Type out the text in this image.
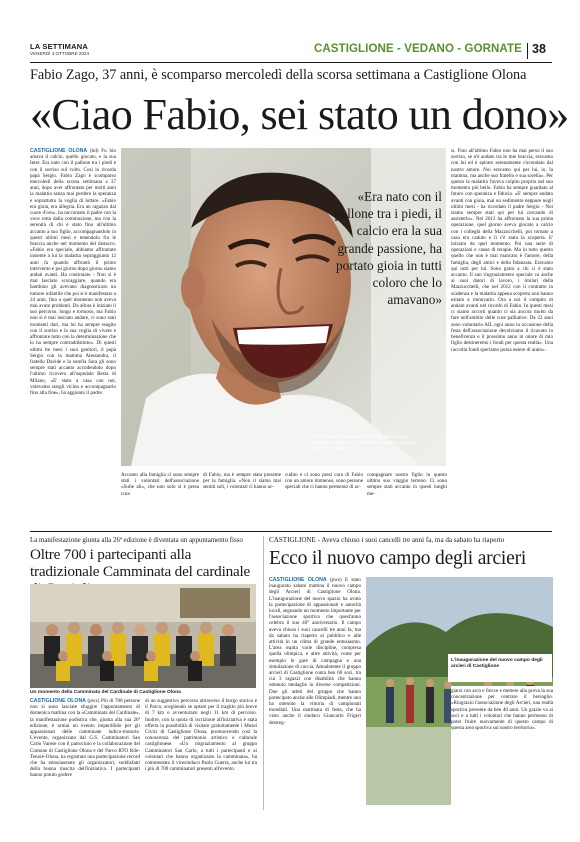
LA SETTIMANA
VENERDÌ 4 OTTOBRE 2024	CASTIGLIONE - VEDANO - GORNATE 38
Fabio Zago, 37 anni, è scomparso mercoledì della scorsa settimana a Castiglione Olona
«Ciao Fabio, sei stato un dono»

CASTIGLIONE OLONA (bd) Fu bio amava il calcio, quello giocato, e la sua Inter. Era nato con il pallone tra i piedi e con il sorriso sul volto. Così lo ricorda papà Sergio. Fabio Zago è scomparso mercoledì della scorsa settimana a 37 anni, dopo aver affrontato per molti anni la malattia senza mai perdere la speranza e soprattutto la voglia di lottare. «Fabio era gioia, era allegria. Era un ragazzo dal cuore d'oro», ha raccontato il padre con la voce rotta dalla commozione, ma con la serenità di chi è stato fino all'ultimo accanto a suo figlio, accompagnandolo in questi ultimi mesi e tenendolo fra le braccia anche nel momento del distacco. «Fabio era speciale, abbiamo affrontato insieme a lui la malattia sopraggiunta 12 anni fa quando affrontò il primo intervento e poi giorno dopo giorno siamo andati avanti. Ha continuato - Non si è mai lasciato scoraggiare, quando era bambino gli avevano diagnosticato un tumore infantile che poi si è manifestato a 24 anni, fino a quel momento non aveva mai avuto problemi. Da allora è iniziato il suo percorso, lungo e tortuoso, ma Fabio non si è mai lasciato andare, ci sono stati momenti duri, ma lui ha sempre reagito con il sorriso e la sua voglia di vivere e affrontare tutto con la determinazione che lo ha sempre contraddistinto». Di questi ultimi tre mesi i suoi genitori, il papà Sergio con la mamma Alessandra, il fratello Davide e la sorella Sara gli sono sempre stati accanto accudendolo dopo l'ultimo ricovero all'ospedale Besta di Milano, «E' stato a casa con noi, volevamo stargli vicino e accompagnarlo fino alla fine», ha aggiunto il padre.

Fabio Zago, scomparso mercoledì della scorsa settimana a 37 anni, dopo aver combattuto a lungo contro la malattia
«Era nato con il pallone tra i piedi, il calcio era la sua grande passione, ha portato gioia in tutti coloro che lo amavano»
Accanto alla famiglia ci sono sempre stati i volontari dell'associazione «Sulle ali», che non solo si è presa cura
di Fabio, ma è sempre stata presente per la famiglia. «Non ci siamo mai sentiti soli, i volontari ci hanno ac-
cudito e ci sono presi cura di Fabio con un amore immenso, sono persone speciali che ci hanno permesso di ac-
compagnare nostro figlio in questo ultimo suo viaggio terreno. Ci sono sempre stati accanto in questi lunghi me-
si. Fino all'ultimo Fabio non ha mai perso il suo sorriso, se n'è andato tra le mie braccia, eravamo con lui ed è spirato serenamente circondato dal nostro amore. Noi eravamo qui per lui, io, la mamma, ma anche suo fratello e sua sorella». Per questo la malattia l'aveva colpito proprio nel suo momento più bello. Fabio ha sempre guardato al futuro con speranza e fiducia. «E' sempre andato avanti con gioia, mai un sedimento neppure negli ultimi mesi - ha ricordato il padre Sergio - Noi siamo sempre stati qui per lui cercando di assisterlo». Nel 2012 ha affrontato la sua prima operazione, quel giorno aveva giocato a calcio con i colleghi della Mazzucchelli, poi tornato a casa era caduto e lì c'è stata la scoperta. E' iniziato da quel momento. Poi una serie di operazioni e cause di terapie. Ma in tutto questo quello che non è mai mancato è l'amore, della famiglia, degli amici e della fidanzata. Eravamo qui tutti per lui. Sono grato a chi ci è stato accanto. Il suo ringraziamento speciale va anche ai suoi datori di lavoro, i titolari della Mazzucchelli, che nel 2012 con il contratto in scadenza e la malattia appena scoperta non hanno esitato a rinnovarlo. Ora a noi il compito di andare avanti nel ricordo di Fabio. In questi mesi ci siamo accorti quanto ci sia ancora molto da fare nell'ambito delle cure palliative. Da 22 anni sono volontario AIL ogni anno in occasione della festa dell'associazione devolviamo il ricavato in beneficenza e il prossimo anno in onore di mio figlio destineremo i fondi per questa realtà». Una raccolta fondi speriamo possa essere di aiuto».
La manifestazione giunta alla 26ª edizione è diventata un appuntamento fisso
Oltre 700 i partecipanti alla tradizionale Camminata del cardinale
Un momento della Camminata del Cardinale di Castiglione Olona

CASTIGLIONE OLONA (pwz) Più di 700 persone non si sono lasciate sfuggire l'appuntamento di domenica mattina con la «Camminata del Cardinale», la manifestazione podistica che, giunta alla sua 26ª edizione, è ormai un evento imperdibile per gli appassionati delle camminate ludico-motorie. L'evento, organizzato dal G.S. Camminatori San Carlo Varese con il patrocinio e la collaborazione del Comune di Castiglione Olona e del Parco RTO Rile-Tenore-Olona, ha registrato una partecipazione record che ha entusiasmato gli organizzatori, soddisfatti della buona riuscita dell'iniziativa. I partecipanti hanno potuto godere

di un suggestivo percorso attraverso il borgo storico e il Parco, scegliendo se optare per il tragitto più breve di 7 km o avventurarsi negli 11 km di percorso. Inoltre, con la quota di iscrizione all'iniziativa è stata offerta la possibilità di visitare gratuitamente i Musei Civici di Castiglione Olona, promuovendo così la conoscenza del patrimonio artistico e culturale castiglionese. «Un ringraziamento al gruppo Camminatori San Carlo, a tutti i partecipanti e ai volontari che hanno organizzato la camminata», ha commentato il vicesindaco Paolo Guerra, anche lui tra i più di 700 camminatori presenti all'evento.
CASTIGLIONE - Aveva chiuso i suoi cancelli tre anni fa, ma da sabato ha riaperto
Ecco il nuovo campo degli arcieri

CASTIGLIONE OLONA (pwz) È stato inaugurato sabato mattina il nuovo campo degli Arcieri di Castiglione Olona. L'inaugurazione del nuovo spazio ha avuto la partecipazione di appassionati e autorità locali, segnando un momento importante per l'associazione sportiva che quest'anno celebra il suo 40° anniversario. Il campo aveva chiuso i suoi cancelli tre anni fa, ma da sabato ha riaperto al pubblico e alle attività in un clima di grande entusiasmo. L'area ospita varie discipline, compresa quella olimpica, e altre attività, come per esempio le gare di campagna e una simulazione di caccia. Attualmente il gruppo arcieri di Castiglione conta ben 60 soci, tra cui 3 ragazzi con disabilità che hanno ottenuto medaglie in diverse competizioni. Due gli atleti del gruppo che hanno partecipato anche alle Olimpiadi, mentre uno ha ottenuto la vittoria di campionati mondiali. Una mattinata di festa, che ha visto anche il sindaco Giancarlo Frigeri destreg-

L'inaugurazione del nuovo campo degli arcieri di Castiglione
giarsi con arco e frecce e mettere alla prova la sua concentrazione per centrare il bersaglio. «Ringrazio l'associazione degli Arcieri, una realtà sportiva presente da ben 40 anni. Un grazie va ai soci e a tutti i volontari che hanno permesso di poter fruire nuovamente di questo campo di questa area sportiva sul nostro territorio».
